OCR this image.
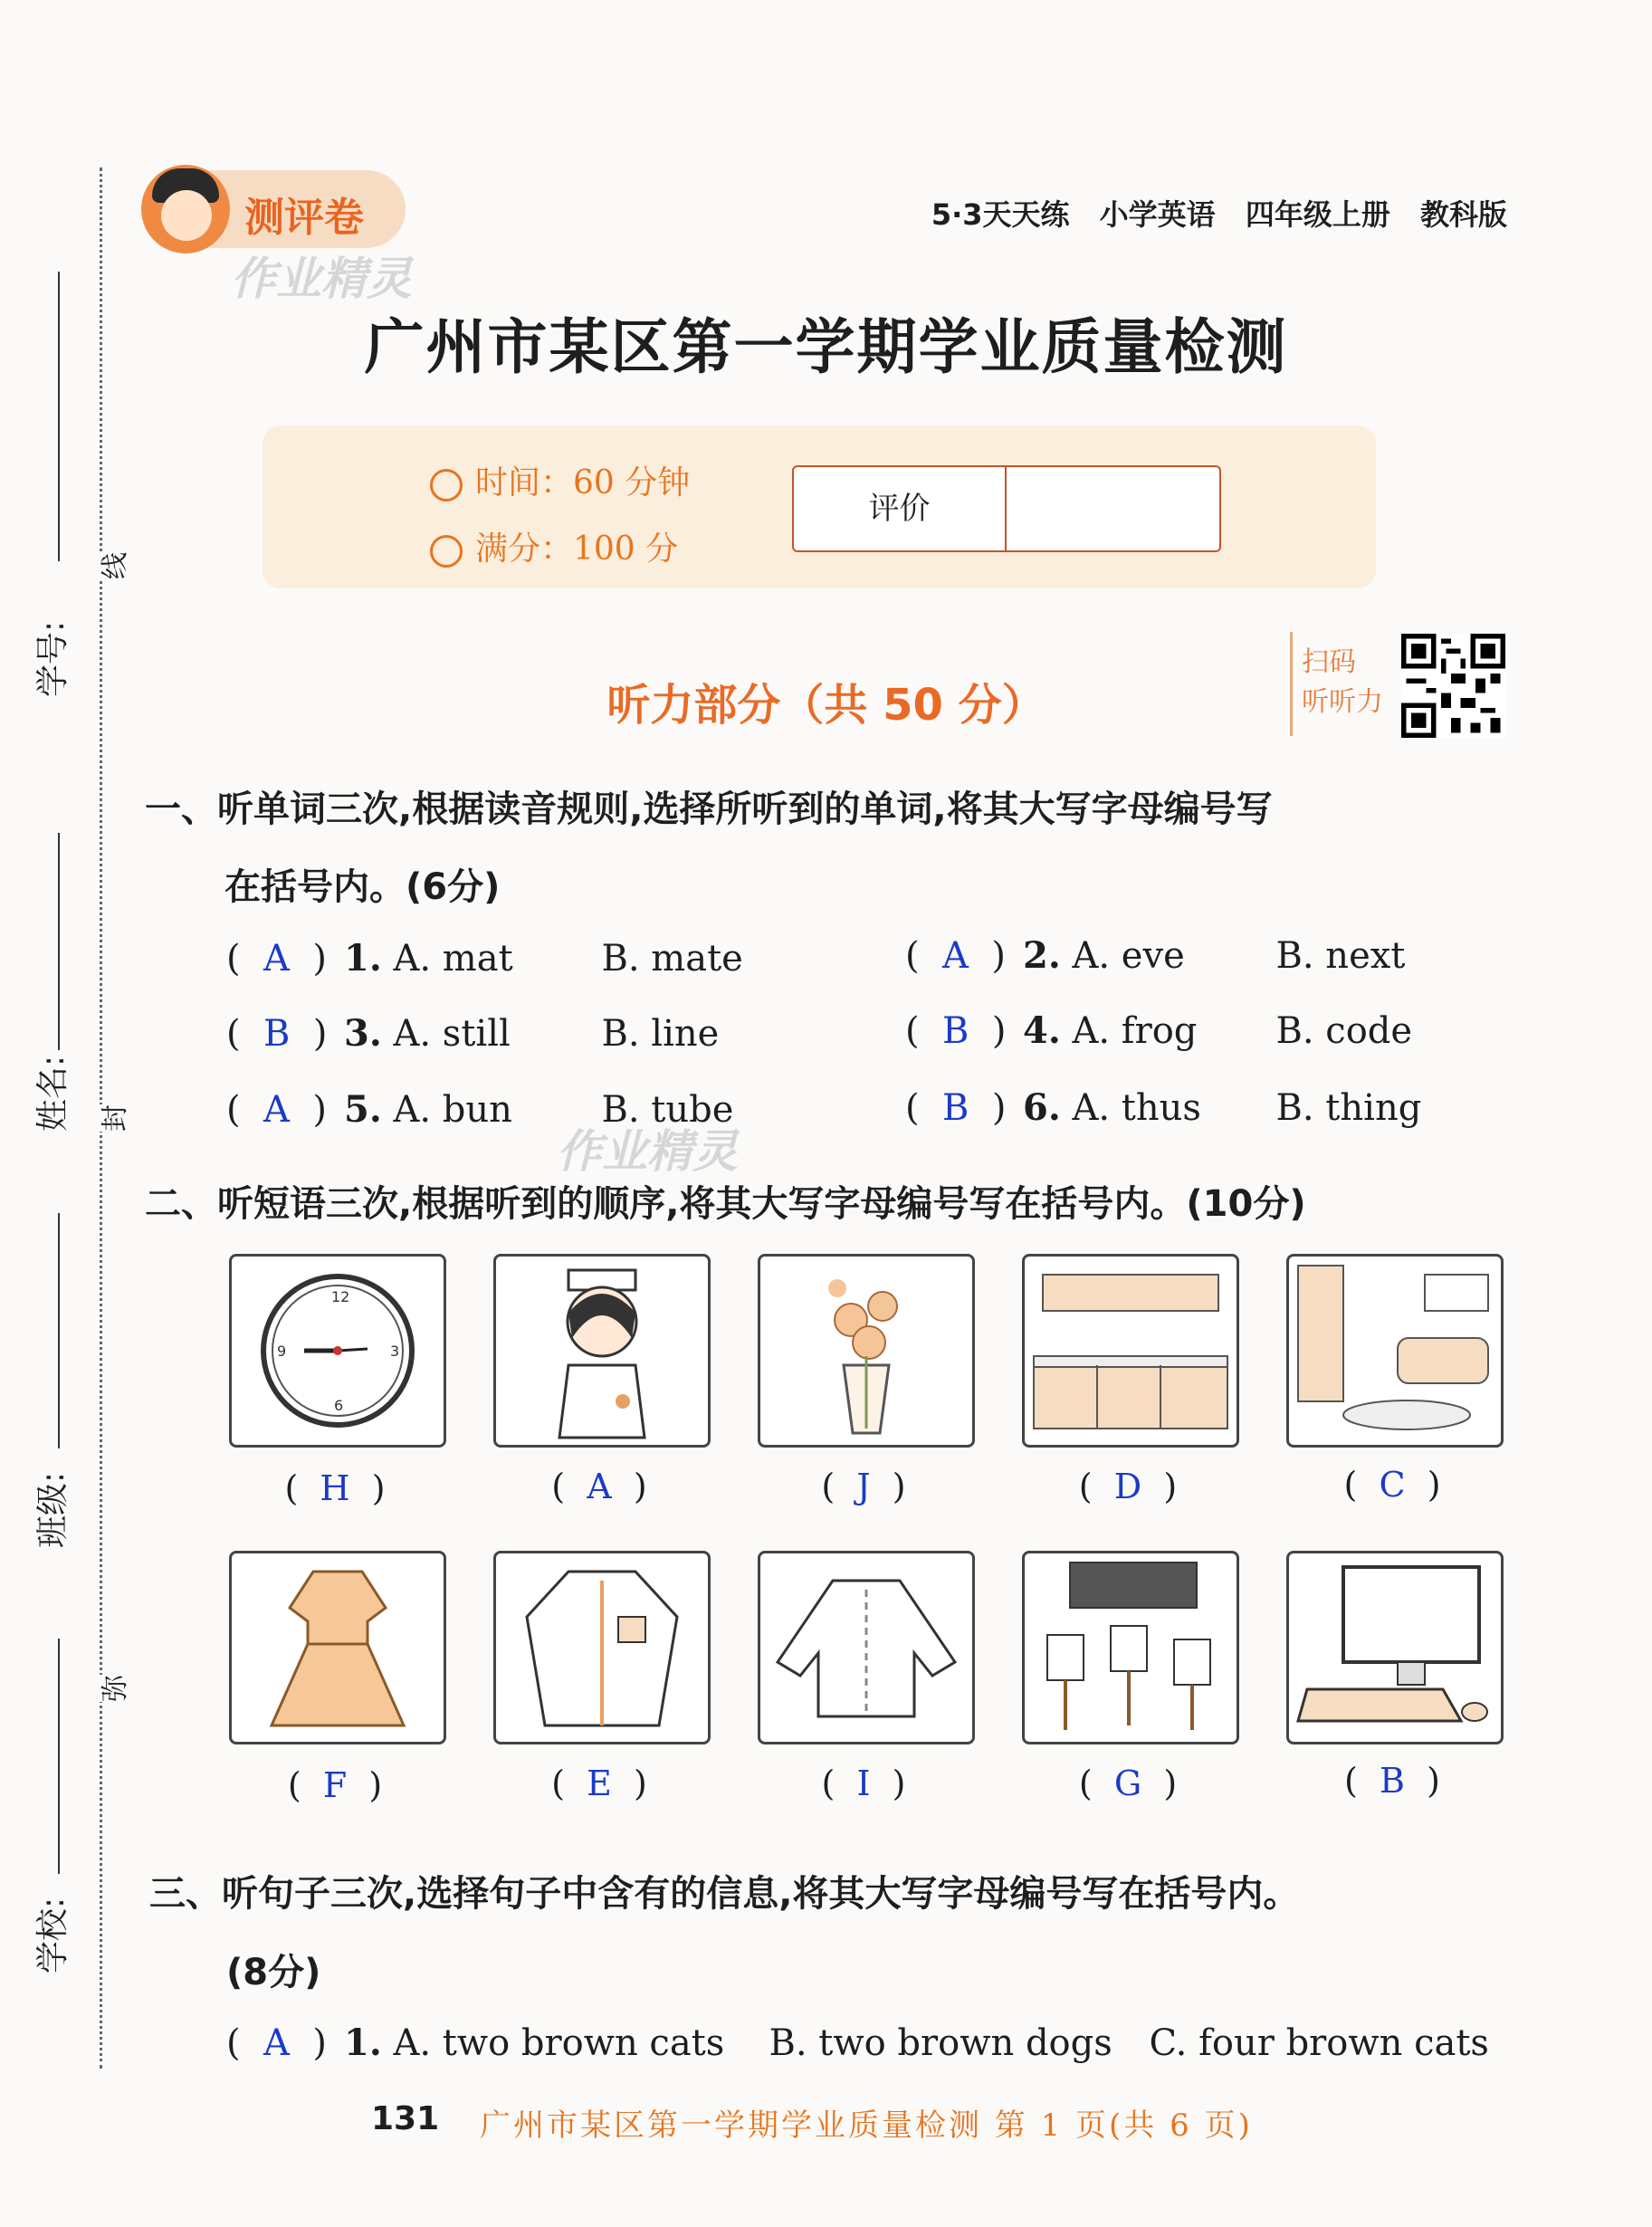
学号:
姓名:
班级:
学校:
线
封
弥
测评卷
作业精灵
5·3天天练 小学英语 四年级上册 教科版
广州市某区第一学期学业质量检测
时间：60 分钟
满分：100 分
评价
听力部分（共 50 分）
扫码
听听力
一、听单词三次,根据读音规则,选择所听到的单词,将其大写字母编号写
在括号内。(6分)
(  A  ) 1. A. mat B. mate	(  A  ) 2. A. eve	B. next
(  B  ) 3. A. still	B. line	(  B  ) 4. A. frog B. code
(  A  ) 5. A. bun B. tube	(  B  ) 6. A. thus B. thing
作业精灵
二、听短语三次,根据听到的顺序,将其大写字母编号写在括号内。(10分)
12
3
6
9
(  H  )	(  A  )	(  J  )	(  D  )	(  C  )
(  F  )	(  E  )	(  I  )	(  G  )	(  B  )
三、听句子三次,选择句子中含有的信息,将其大写字母编号写在括号内。
(8分)
(  A  ) 1. A. two brown cats B. two brown dogs C. four brown cats
131 广州市某区第一学期学业质量检测 第 1 页(共 6 页)
